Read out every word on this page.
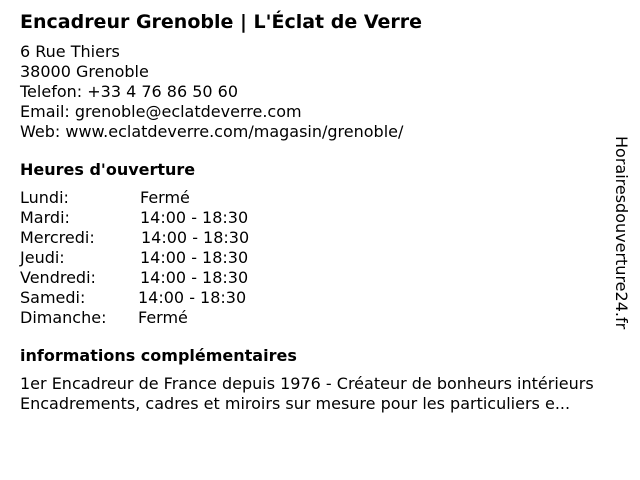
Encadreur Grenoble | L'Éclat de Verre
6 Rue Thiers
38000 Grenoble
Telefon: +33 4 76 86 50 60
Email: grenoble@eclatdeverre.com
Web: www.eclatdeverre.com/magasin/grenoble/
Heures d'ouverture
Lundi:	Fermé
Mardi:	14:00 - 18:30
Mercredi:	14:00 - 18:30
Jeudi:	14:00 - 18:30
Vendredi:	14:00 - 18:30
Samedi:	14:00 - 18:30
Dimanche:	Fermé
informations complémentaires
1er Encadreur de France depuis 1976 - Créateur de bonheurs intérieurs
Encadrements, cadres et miroirs sur mesure pour les particuliers e...
Horairesdouverture24.fr
